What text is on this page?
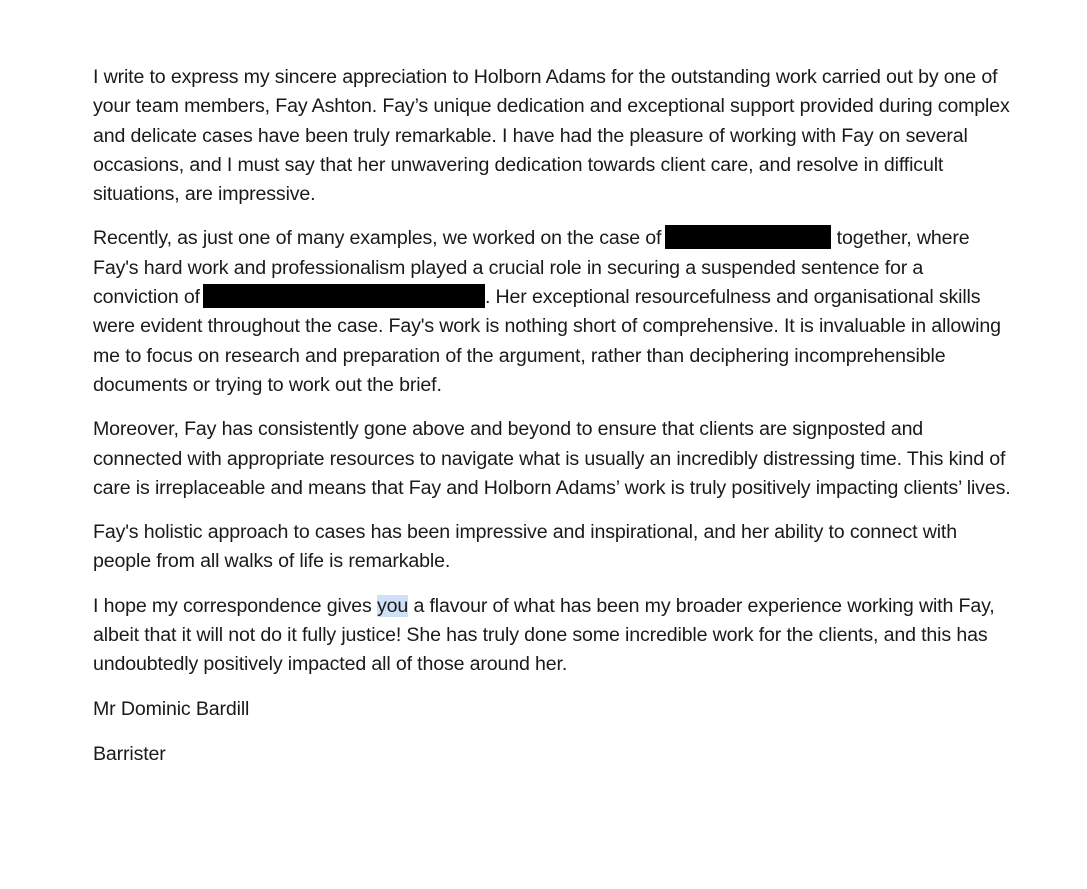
I write to express my sincere appreciation to Holborn Adams for the outstanding work carried out by one of your team members, Fay Ashton. Fay’s unique dedication and exceptional support provided during complex and delicate cases have been truly remarkable. I have had the pleasure of working with Fay on several occasions, and I must say that her unwavering dedication towards client care, and resolve in difficult situations, are impressive.

Recently, as just one of many examples, we worked on the case of	together, where Fay's hard work and professionalism played a crucial role in securing a suspended sentence for a conviction of	. Her exceptional resourcefulness and organisational skills were evident throughout the case. Fay's work is nothing short of comprehensive. It is invaluable in allowing me to focus on research and preparation of the argument, rather than deciphering incomprehensible documents or trying to work out the brief.

Moreover, Fay has consistently gone above and beyond to ensure that clients are signposted and connected with appropriate resources to navigate what is usually an incredibly distressing time. This kind of care is irreplaceable and means that Fay and Holborn Adams’ work is truly positively impacting clients’ lives.

Fay's holistic approach to cases has been impressive and inspirational, and her ability to connect with people from all walks of life is remarkable.

I hope my correspondence gives you a flavour of what has been my broader experience working with Fay, albeit that it will not do it fully justice! She has truly done some incredible work for the clients, and this has undoubtedly positively impacted all of those around her.

Mr Dominic Bardill

Barrister
